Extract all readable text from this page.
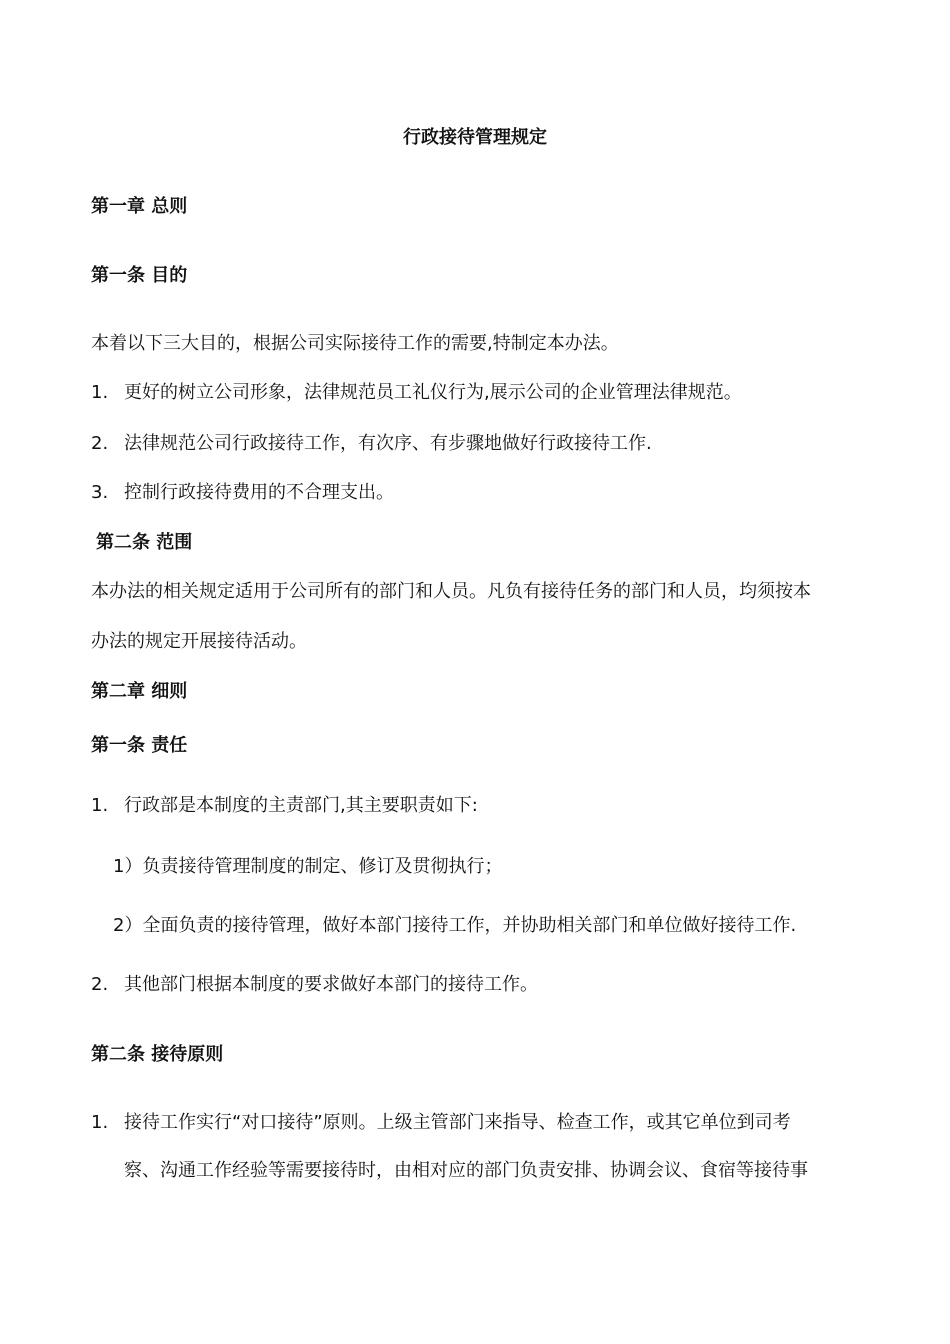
行政接待管理规定
第一章 总则
第一条 目的
本着以下三大目的，根据公司实际接待工作的需要,特制定本办法。
1. 更好的树立公司形象，法律规范员工礼仪行为,展示公司的企业管理法律规范。
2. 法律规范公司行政接待工作，有次序、有步骤地做好行政接待工作.
3. 控制行政接待费用的不合理支出。
第二条 范围
本办法的相关规定适用于公司所有的部门和人员。凡负有接待任务的部门和人员，均须按本
办法的规定开展接待活动。
第二章 细则
第一条 责任
1. 行政部是本制度的主责部门,其主要职责如下:
1）负责接待管理制度的制定、修订及贯彻执行；
2）全面负责的接待管理，做好本部门接待工作，并协助相关部门和单位做好接待工作.
2. 其他部门根据本制度的要求做好本部门的接待工作。
第二条 接待原则
1. 接待工作实行“对口接待”原则。上级主管部门来指导、检查工作，或其它单位到司考
察、沟通工作经验等需要接待时，由相对应的部门负责安排、协调会议、食宿等接待事
